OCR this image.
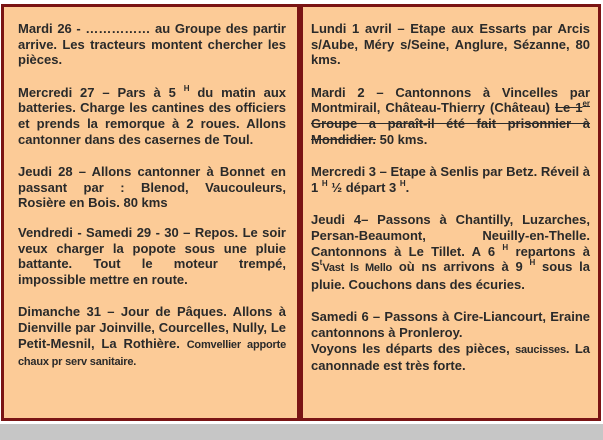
Mardi 26 - …………… au Groupe des partir arrive. Les tracteurs montent chercher les pièces.

Mercredi 27 – Pars à 5 $^H$ du matin aux batteries. Charge les cantines des officiers et prends la remorque à 2 roues. Allons cantonner dans des casernes de Toul.

Jeudi 28 – Allons cantonner à Bonnet en passant par : Blenod, Vaucouleurs, Rosière en Bois. 80 kms

Vendredi - Samedi 29 - 30 – Repos. Le soir veux charger la popote sous une pluie battante. Tout le moteur trempé, impossible mettre en route.

Dimanche 31 – Jour de Pâques. Allons à Dienville par Joinville, Courcelles, Nully, Le Petit-Mesnil, La Rothière. Comvellier apporte chaux pr serv sanitaire.

Lundi 1 avril – Etape aux Essarts par Arcis s/Aube, Méry s/Seine, Anglure, Sézanne, 80 kms.

Mardi 2 – Cantonnons à Vincelles par Montmirail, Château-Thierry (Château) Le 1er Groupe a paraît-il été fait prisonnier à Mondidier. 50 kms.

Mercredi 3 – Etape à Senlis par Betz. Réveil à 1 $^H$ ½ départ 3 $^H$.

Jeudi 4– Passons à Chantilly, Luzarches, Persan-Beaumont, Neuilly-en-Thelle. Cantonnons à Le Tillet. A 6 $^H$ repartons à $S^tVast$ ls Mello où ns arrivons à 9 $^H$ sous la pluie. Couchons dans des écuries.

Samedi 6 – Passons à Cire-Liancourt, Eraine cantonnons à Pronleroy.
Voyons les départs des pièces, saucisses. La canonnade est très forte.
